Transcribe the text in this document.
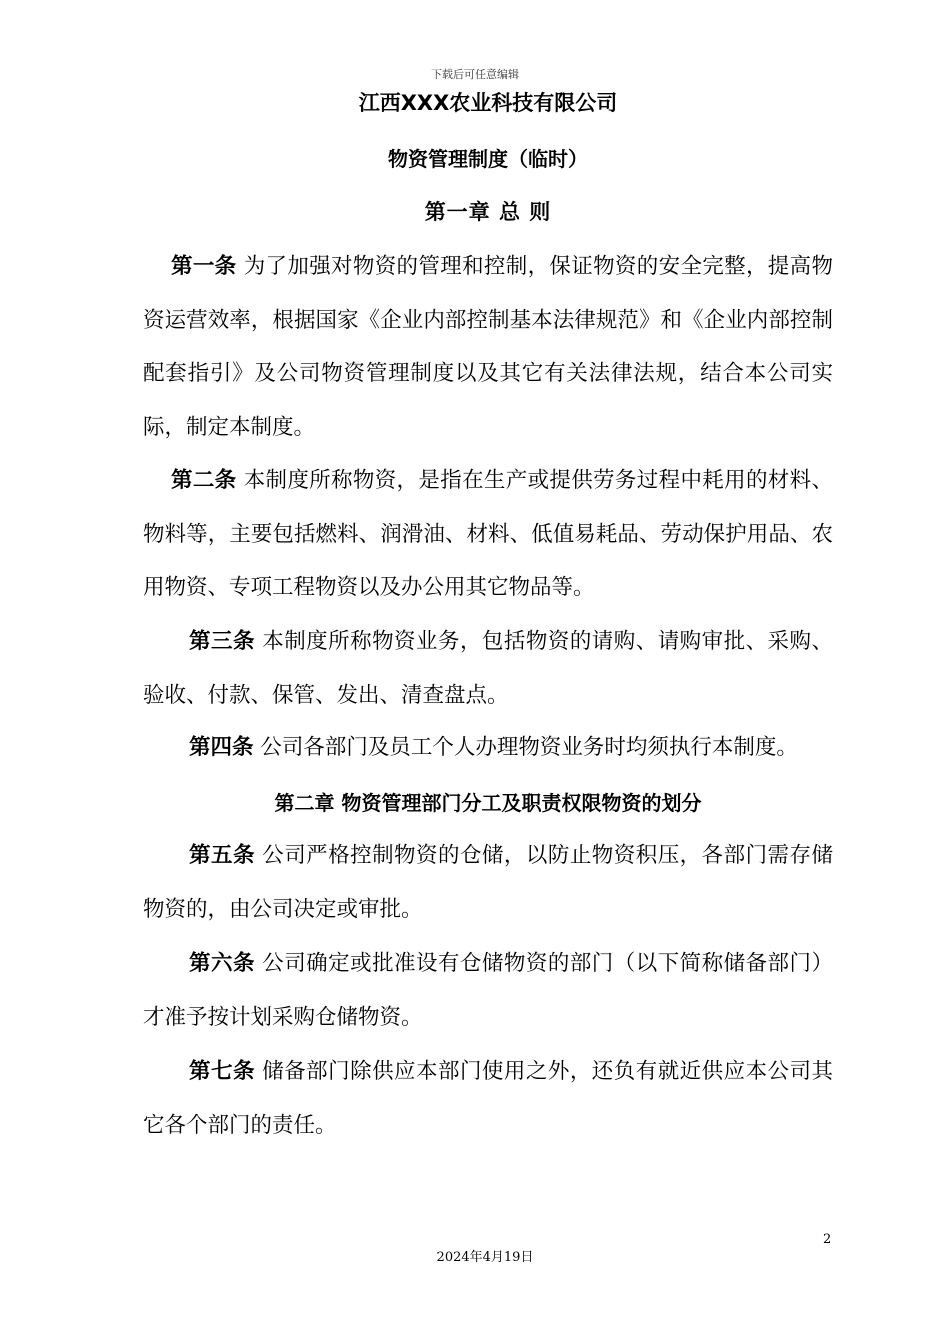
下载后可任意编辑
江西XXX农业科技有限公司
物资管理制度（临时）
第一章 总 则
第一条 为了加强对物资的管理和控制，保证物资的安全完整，提高物资运营效率，根据国家《企业内部控制基本法律规范》和《企业内部控制配套指引》及公司物资管理制度以及其它有关法律法规，结合本公司实际，制定本制度。
第二条 本制度所称物资，是指在生产或提供劳务过程中耗用的材料、物料等，主要包括燃料、润滑油、材料、低值易耗品、劳动保护用品、农用物资、专项工程物资以及办公用其它物品等。
第三条 本制度所称物资业务，包括物资的请购、请购审批、采购、验收、付款、保管、发出、清查盘点。
第四条 公司各部门及员工个人办理物资业务时均须执行本制度。
第二章 物资管理部门分工及职责权限物资的划分
第五条 公司严格控制物资的仓储，以防止物资积压，各部门需存储物资的，由公司决定或审批。
第六条 公司确定或批准设有仓储物资的部门（以下简称储备部门）才准予按计划采购仓储物资。
第七条 储备部门除供应本部门使用之外，还负有就近供应本公司其它各个部门的责任。
2
2024年4月19日
